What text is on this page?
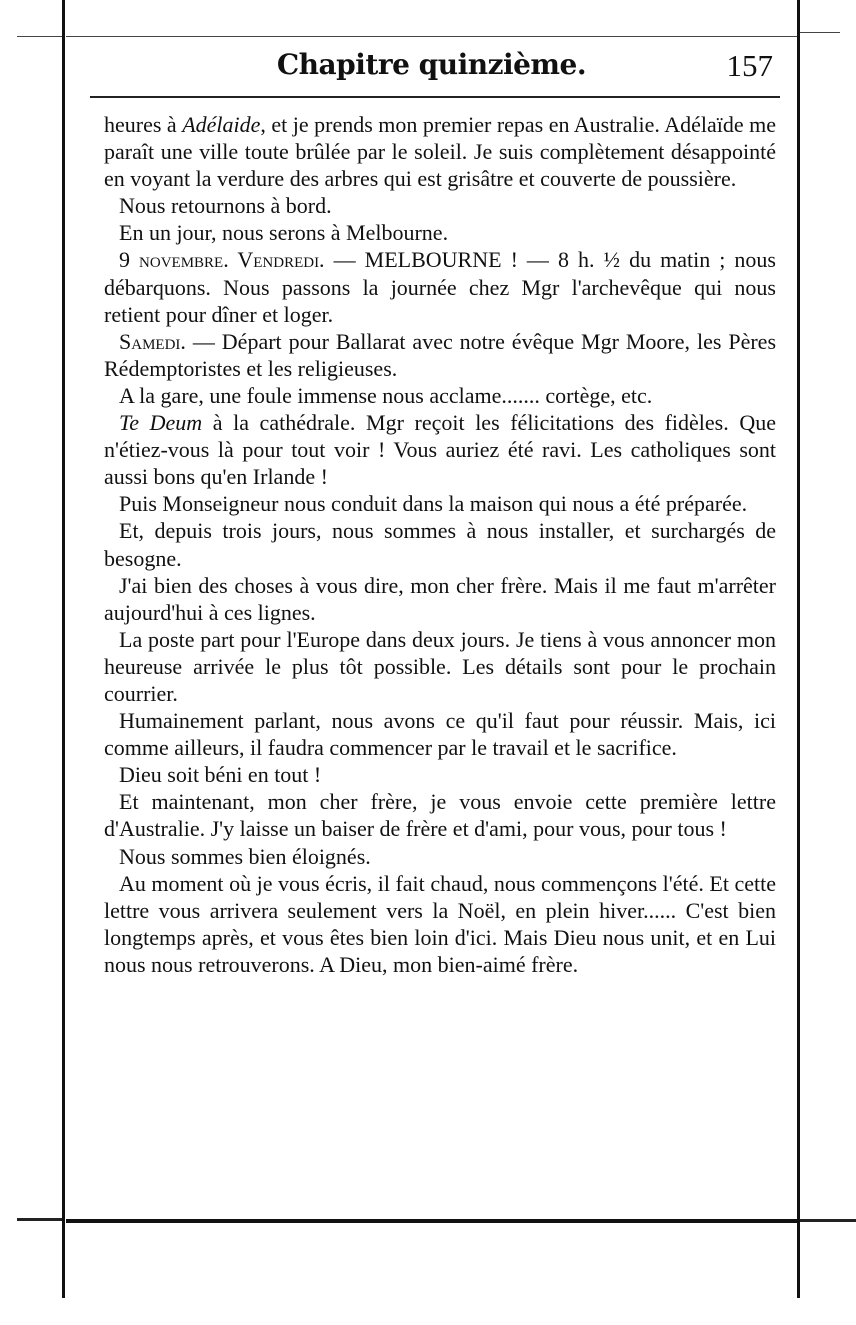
Chapitre quinzième.	157

heures à Adélaide, et je prends mon premier repas en Australie. Adélaïde me paraît une ville toute brûlée par le soleil. Je suis complètement désappointé en voyant la verdure des arbres qui est grisâtre et couverte de poussière.

Nous retournons à bord.

En un jour, nous serons à Melbourne.

9 novembre. Vendredi. — MELBOURNE ! — 8 h. ½ du matin ; nous débarquons. Nous passons la journée chez Mgr l'archevêque qui nous retient pour dîner et loger.

Samedi. — Départ pour Ballarat avec notre évêque Mgr Moore, les Pères Rédemptoristes et les religieuses.

A la gare, une foule immense nous acclame....... cortège, etc.

Te Deum à la cathédrale. Mgr reçoit les félicitations des fidèles. Que n'étiez-vous là pour tout voir ! Vous auriez été ravi. Les catholiques sont aussi bons qu'en Irlande !

Puis Monseigneur nous conduit dans la maison qui nous a été préparée.

Et, depuis trois jours, nous sommes à nous installer, et surchargés de besogne.

J'ai bien des choses à vous dire, mon cher frère. Mais il me faut m'arrêter aujourd'hui à ces lignes.

La poste part pour l'Europe dans deux jours. Je tiens à vous annoncer mon heureuse arrivée le plus tôt possible. Les détails sont pour le prochain courrier.

Humainement parlant, nous avons ce qu'il faut pour réussir. Mais, ici comme ailleurs, il faudra commencer par le travail et le sacrifice.

Dieu soit béni en tout !

Et maintenant, mon cher frère, je vous envoie cette première lettre d'Australie. J'y laisse un baiser de frère et d'ami, pour vous, pour tous !

Nous sommes bien éloignés.

Au moment où je vous écris, il fait chaud, nous commençons l'été. Et cette lettre vous arrivera seulement vers la Noël, en plein hiver...... C'est bien longtemps après, et vous êtes bien loin d'ici. Mais Dieu nous unit, et en Lui nous nous retrouverons. A Dieu, mon bien-aimé frère.
